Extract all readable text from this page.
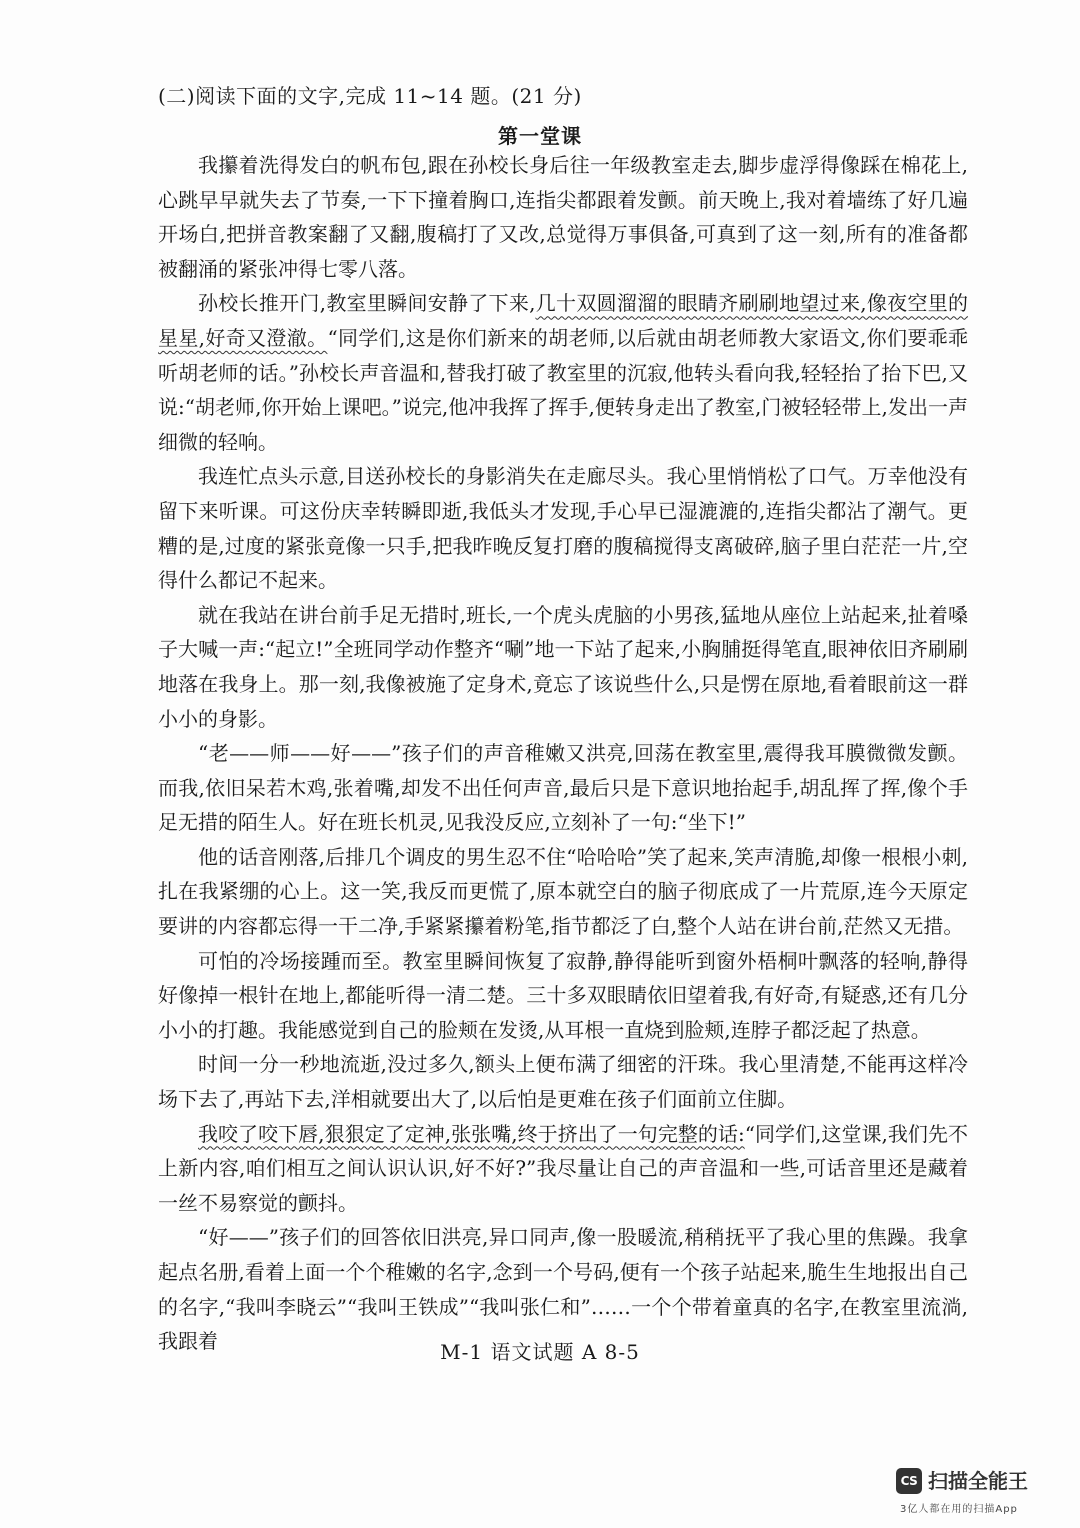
(二)阅读下面的文字,完成 11~14 题。(21 分)
第一堂课

我攥着洗得发白的帆布包,跟在孙校长身后往一年级教室走去,脚步虚浮得像踩在棉花上,心跳早早就失去了节奏,一下下撞着胸口,连指尖都跟着发颤。前天晚上,我对着墙练了好几遍开场白,把拼音教案翻了又翻,腹稿打了又改,总觉得万事俱备,可真到了这一刻,所有的准备都被翻涌的紧张冲得七零八落。

孙校长推开门,教室里瞬间安静了下来,几十双圆溜溜的眼睛齐刷刷地望过来,像夜空里的星星,好奇又澄澈。“同学们,这是你们新来的胡老师,以后就由胡老师教大家语文,你们要乖乖听胡老师的话。”孙校长声音温和,替我打破了教室里的沉寂,他转头看向我,轻轻抬了抬下巴,又说:“胡老师,你开始上课吧。”说完,他冲我挥了挥手,便转身走出了教室,门被轻轻带上,发出一声细微的轻响。

我连忙点头示意,目送孙校长的身影消失在走廊尽头。我心里悄悄松了口气。万幸他没有留下来听课。可这份庆幸转瞬即逝,我低头才发现,手心早已湿漉漉的,连指尖都沾了潮气。更糟的是,过度的紧张竟像一只手,把我昨晚反复打磨的腹稿搅得支离破碎,脑子里白茫茫一片,空得什么都记不起来。

就在我站在讲台前手足无措时,班长,一个虎头虎脑的小男孩,猛地从座位上站起来,扯着嗓子大喊一声:“起立!”全班同学动作整齐“唰”地一下站了起来,小胸脯挺得笔直,眼神依旧齐刷刷地落在我身上。那一刻,我像被施了定身术,竟忘了该说些什么,只是愣在原地,看着眼前这一群小小的身影。

“老——师——好——”孩子们的声音稚嫩又洪亮,回荡在教室里,震得我耳膜微微发颤。而我,依旧呆若木鸡,张着嘴,却发不出任何声音,最后只是下意识地抬起手,胡乱挥了挥,像个手足无措的陌生人。好在班长机灵,见我没反应,立刻补了一句:“坐下!”

他的话音刚落,后排几个调皮的男生忍不住“哈哈哈”笑了起来,笑声清脆,却像一根根小刺,扎在我紧绷的心上。这一笑,我反而更慌了,原本就空白的脑子彻底成了一片荒原,连今天原定要讲的内容都忘得一干二净,手紧紧攥着粉笔,指节都泛了白,整个人站在讲台前,茫然又无措。

可怕的冷场接踵而至。教室里瞬间恢复了寂静,静得能听到窗外梧桐叶飘落的轻响,静得好像掉一根针在地上,都能听得一清二楚。三十多双眼睛依旧望着我,有好奇,有疑惑,还有几分小小的打趣。我能感觉到自己的脸颊在发烫,从耳根一直烧到脸颊,连脖子都泛起了热意。

时间一分一秒地流逝,没过多久,额头上便布满了细密的汗珠。我心里清楚,不能再这样冷场下去了,再站下去,洋相就要出大了,以后怕是更难在孩子们面前立住脚。

我咬了咬下唇,狠狠定了定神,张张嘴,终于挤出了一句完整的话:“同学们,这堂课,我们先不上新内容,咱们相互之间认识认识,好不好?”我尽量让自己的声音温和一些,可话音里还是藏着一丝不易察觉的颤抖。

“好——”孩子们的回答依旧洪亮,异口同声,像一股暖流,稍稍抚平了我心里的焦躁。我拿起点名册,看着上面一个个稚嫩的名字,念到一个号码,便有一个孩子站起来,脆生生地报出自己的名字,“我叫李晓云”“我叫王铁成”“我叫张仁和”……一个个带着童真的名字,在教室里流淌,我跟着	M-1 语文试题 A 8-5
CS 扫描全能王
3亿人都在用的扫描App
